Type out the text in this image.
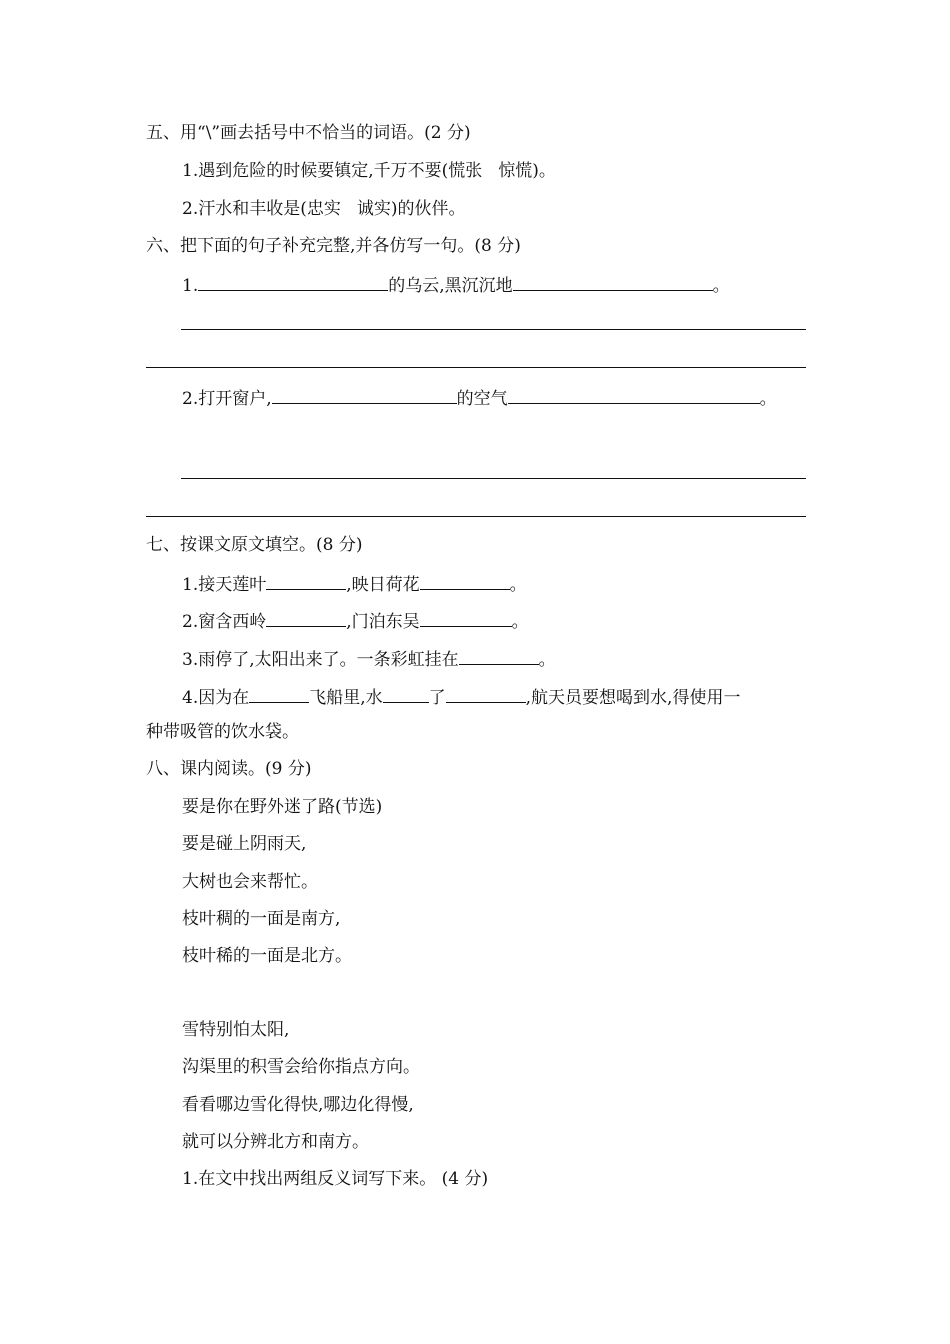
五、用“\”画去括号中不恰当的词语。(2 分)
1.遇到危险的时候要镇定,千万不要(慌张 惊慌)。
2.汗水和丰收是(忠实 诚实)的伙伴。
六、把下面的句子补充完整,并各仿写一句。(8 分)
1.	的乌云,黑沉沉地	。
2.打开窗户,	的空气	。
七、按课文原文填空。(8 分)
1.接天莲叶	,映日荷花	。
2.窗含西岭	,门泊东吴	。
3.雨停了,太阳出来了。一条彩虹挂在	。
4.因为在	飞船里,水	了	,航天员要想喝到水,得使用一
种带吸管的饮水袋。
八、课内阅读。(9 分)
要是你在野外迷了路(节选)
要是碰上阴雨天,
大树也会来帮忙。
枝叶稠的一面是南方,
枝叶稀的一面是北方。
雪特别怕太阳,
沟渠里的积雪会给你指点方向。
看看哪边雪化得快,哪边化得慢,
就可以分辨北方和南方。
1.在文中找出两组反义词写下来。 (4 分)
